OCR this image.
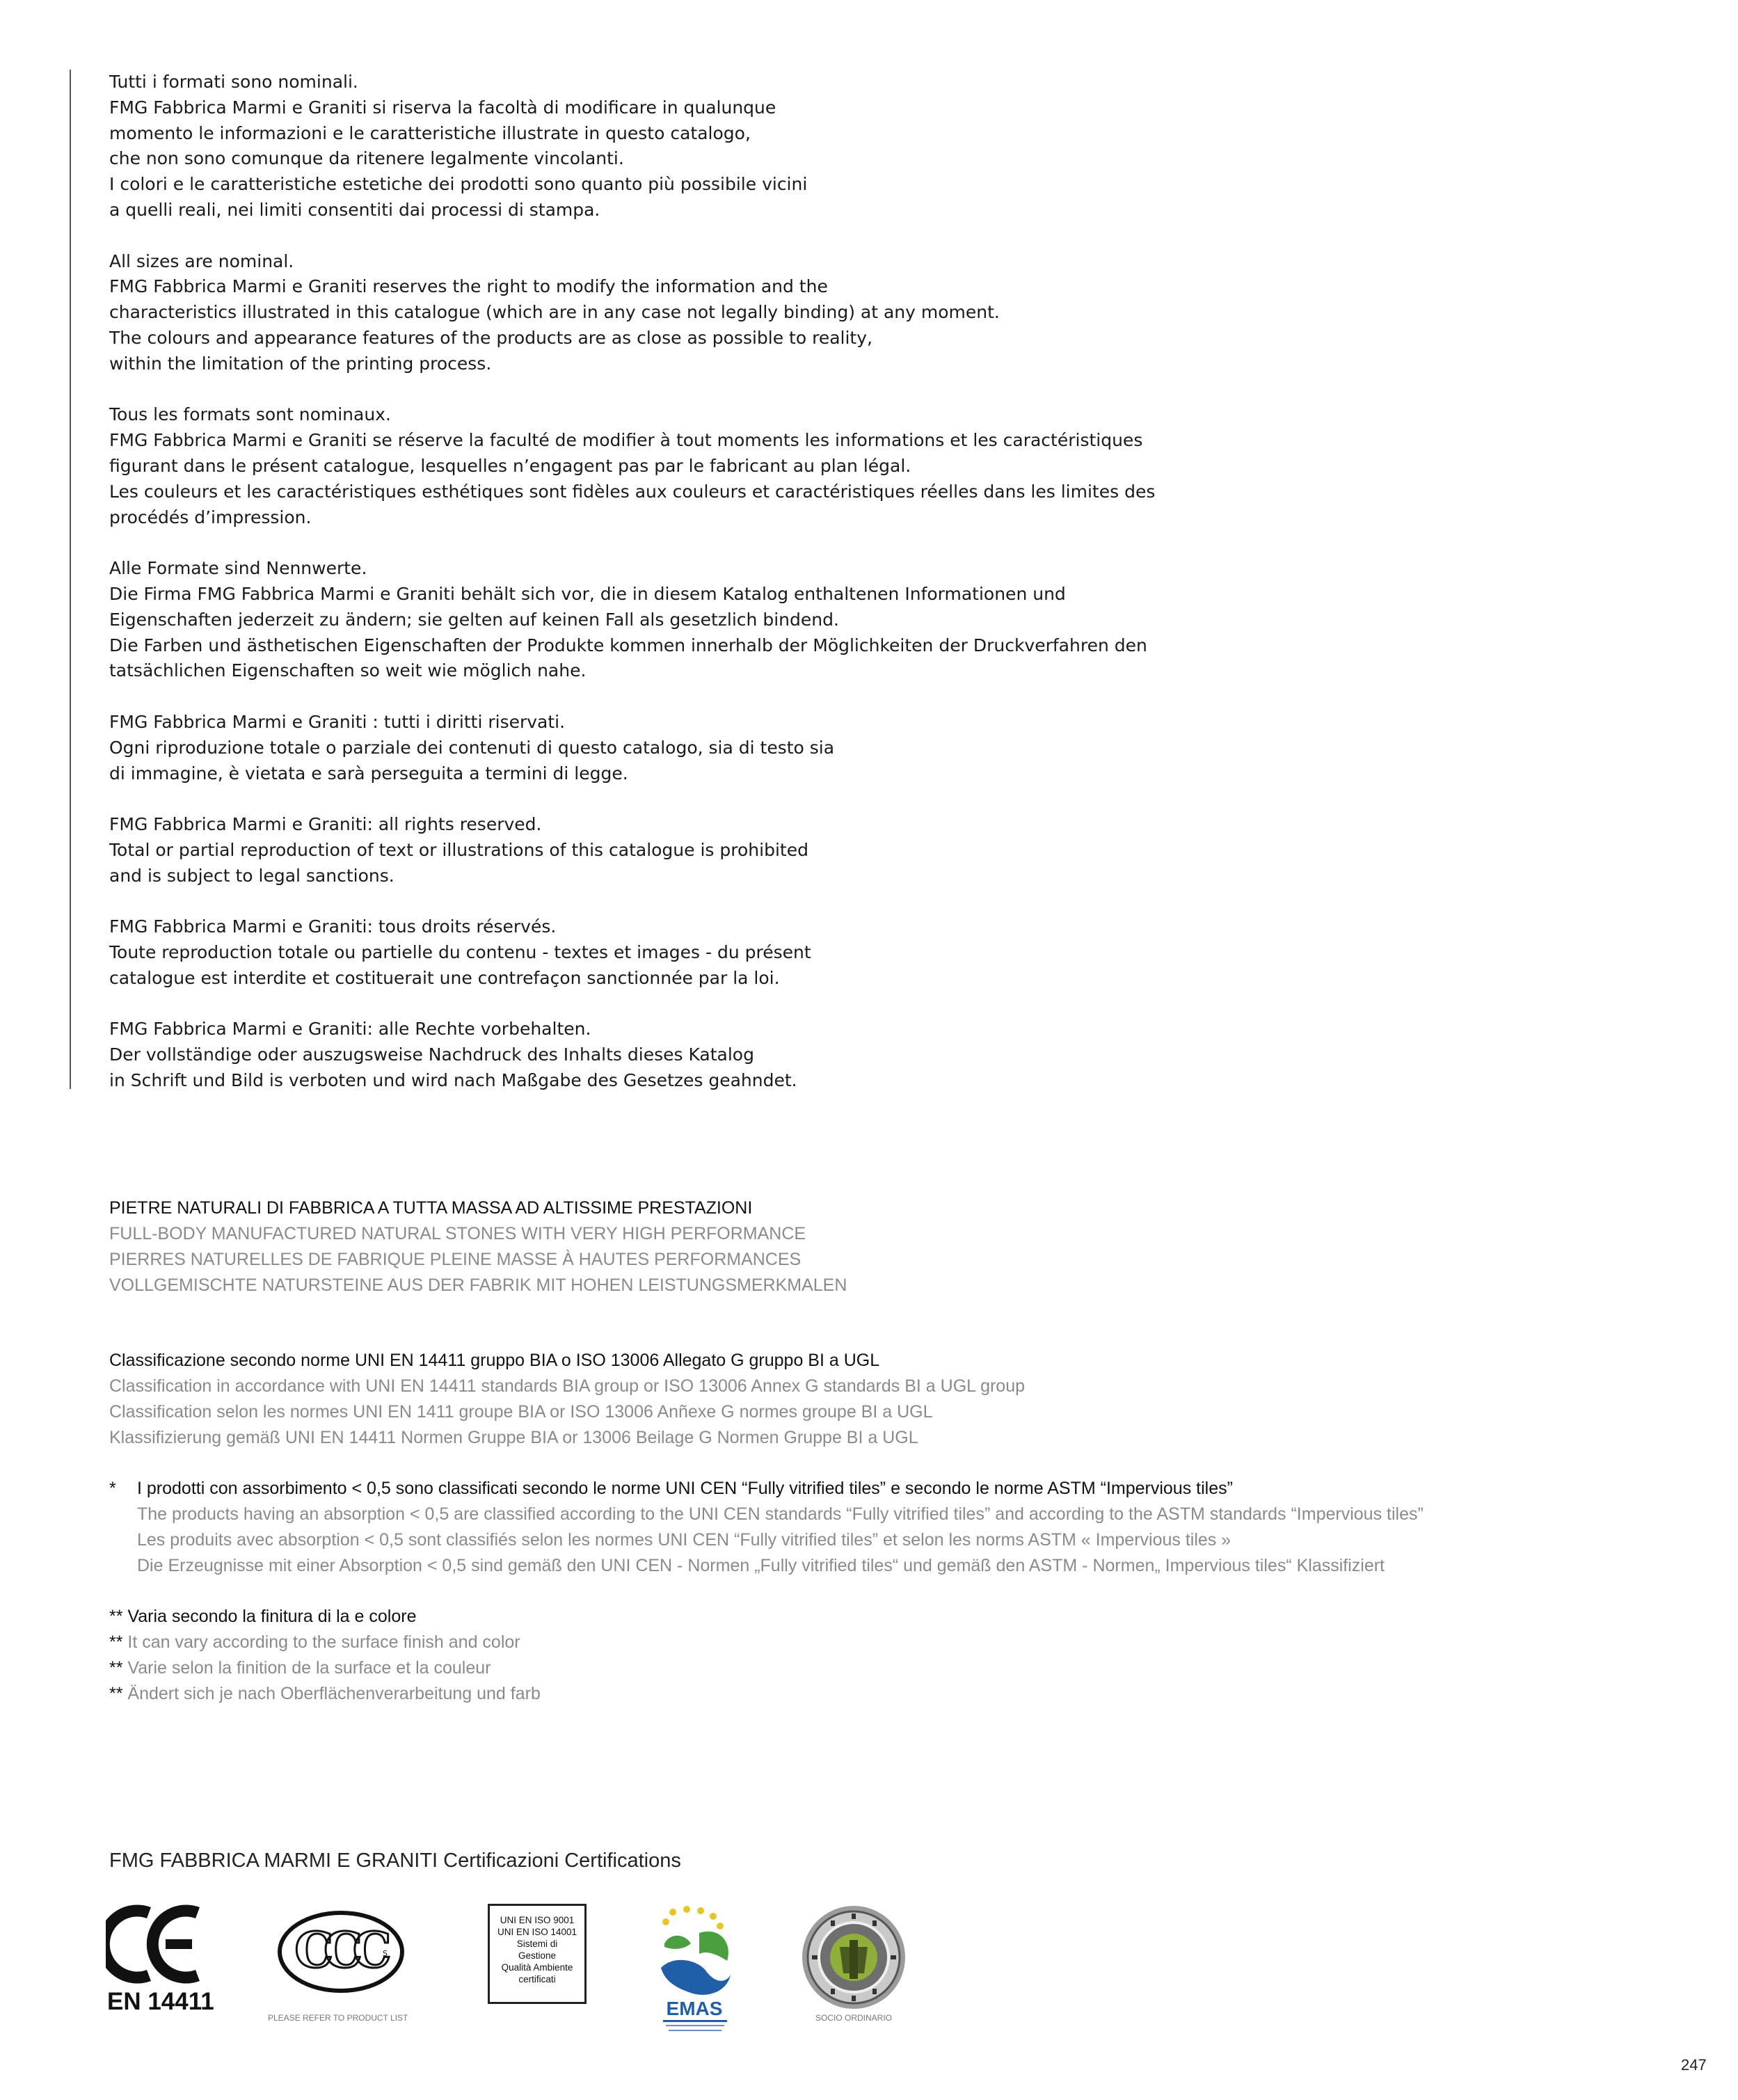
Tutti i formati sono nominali.
FMG Fabbrica Marmi e Graniti si riserva la facoltà di modificare in qualunque
momento le informazioni e le caratteristiche illustrate in questo catalogo,
che non sono comunque da ritenere legalmente vincolanti.
I colori e le caratteristiche estetiche dei prodotti sono quanto più possibile vicini
a quelli reali, nei limiti consentiti dai processi di stampa.
All sizes are nominal.
FMG Fabbrica Marmi e Graniti reserves the right to modify the information and the
characteristics illustrated in this catalogue (which are in any case not legally binding) at any moment.
The colours and appearance features of the products are as close as possible to reality,
within the limitation of the printing process.
Tous les formats sont nominaux.
FMG Fabbrica Marmi e Graniti se réserve la faculté de modifier à tout moments les informations et les caractéristiques
figurant dans le présent catalogue, lesquelles n’engagent pas par le fabricant au plan légal.
Les couleurs et les caractéristiques esthétiques sont fidèles aux couleurs et caractéristiques réelles dans les limites des
procédés d’impression.
Alle Formate sind Nennwerte.
Die Firma FMG Fabbrica Marmi e Graniti behält sich vor, die in diesem Katalog enthaltenen Informationen und
Eigenschaften jederzeit zu ändern; sie gelten auf keinen Fall als gesetzlich bindend.
Die Farben und ästhetischen Eigenschaften der Produkte kommen innerhalb der Möglichkeiten der Druckverfahren den
tatsächlichen Eigenschaften so weit wie möglich nahe.
FMG Fabbrica Marmi e Graniti : tutti i diritti riservati.
Ogni riproduzione totale o parziale dei contenuti di questo catalogo, sia di testo sia
di immagine, è vietata e sarà perseguita a termini di legge.
FMG Fabbrica Marmi e Graniti: all rights reserved.
Total or partial reproduction of text or illustrations of this catalogue is prohibited
and is subject to legal sanctions.
FMG Fabbrica Marmi e Graniti: tous droits réservés.
Toute reproduction totale ou partielle du contenu - textes et images - du présent
catalogue est interdite et costituerait une contrefaçon sanctionnée par la loi.
FMG Fabbrica Marmi e Graniti: alle Rechte vorbehalten.
Der vollständige oder auszugsweise Nachdruck des Inhalts dieses Katalog
in Schrift und Bild is verboten und wird nach Maßgabe des Gesetzes geahndet.
PIETRE NATURALI DI FABBRICA A TUTTA MASSA AD ALTISSIME PRESTAZIONI
FULL-BODY MANUFACTURED NATURAL STONES WITH VERY HIGH PERFORMANCE
PIERRES NATURELLES DE FABRIQUE PLEINE MASSE À HAUTES PERFORMANCES
VOLLGEMISCHTE NATURSTEINE AUS DER FABRIK MIT HOHEN LEISTUNGSMERKMALEN
Classificazione secondo norme UNI EN 14411 gruppo BIA o ISO 13006 Allegato G gruppo BI a UGL
Classification in accordance with UNI EN 14411 standards BIA group or ISO 13006 Annex G standards BI a UGL group
Classification selon les normes UNI EN 1411 groupe BIA or ISO 13006 Anñexe G normes groupe BI a UGL
Klassifizierung gemäß UNI EN 14411 Normen Gruppe BIA or 13006 Beilage G Normen Gruppe BI a UGL
* I prodotti con assorbimento < 0,5 sono classificati secondo le norme UNI CEN “Fully vitrified tiles” e secondo le norme ASTM “Impervious tiles”
The products having an absorption < 0,5 are classified according to the UNI CEN standards “Fully vitrified tiles” and according to the ASTM standards “Impervious tiles”
Les produits avec absorption < 0,5 sont classifiés selon les normes UNI CEN “Fully vitrified tiles” et selon les norms ASTM « Impervious tiles »
Die Erzeugnisse mit einer Absorption < 0,5 sind gemäß den UNI CEN - Normen „Fully vitrified tiles“ und gemäß den ASTM - Normen„ Impervious tiles“ Klassifiziert
** Varia secondo la finitura di la e colore
** It can vary according to the surface finish and color
** Varie selon la finition de la surface et la couleur
** Ändert sich je nach Oberflächenverarbeitung und farb
FMG FABBRICA MARMI E GRANITI Certificazioni Certifications
EN 14411
CCC S
PLEASE REFER TO PRODUCT LIST
UNI EN ISO 9001
UNI EN ISO 14001
Sistemi di
Gestione
Qualità Ambiente
certificati
EMAS	SOCIO ORDINARIO
247
